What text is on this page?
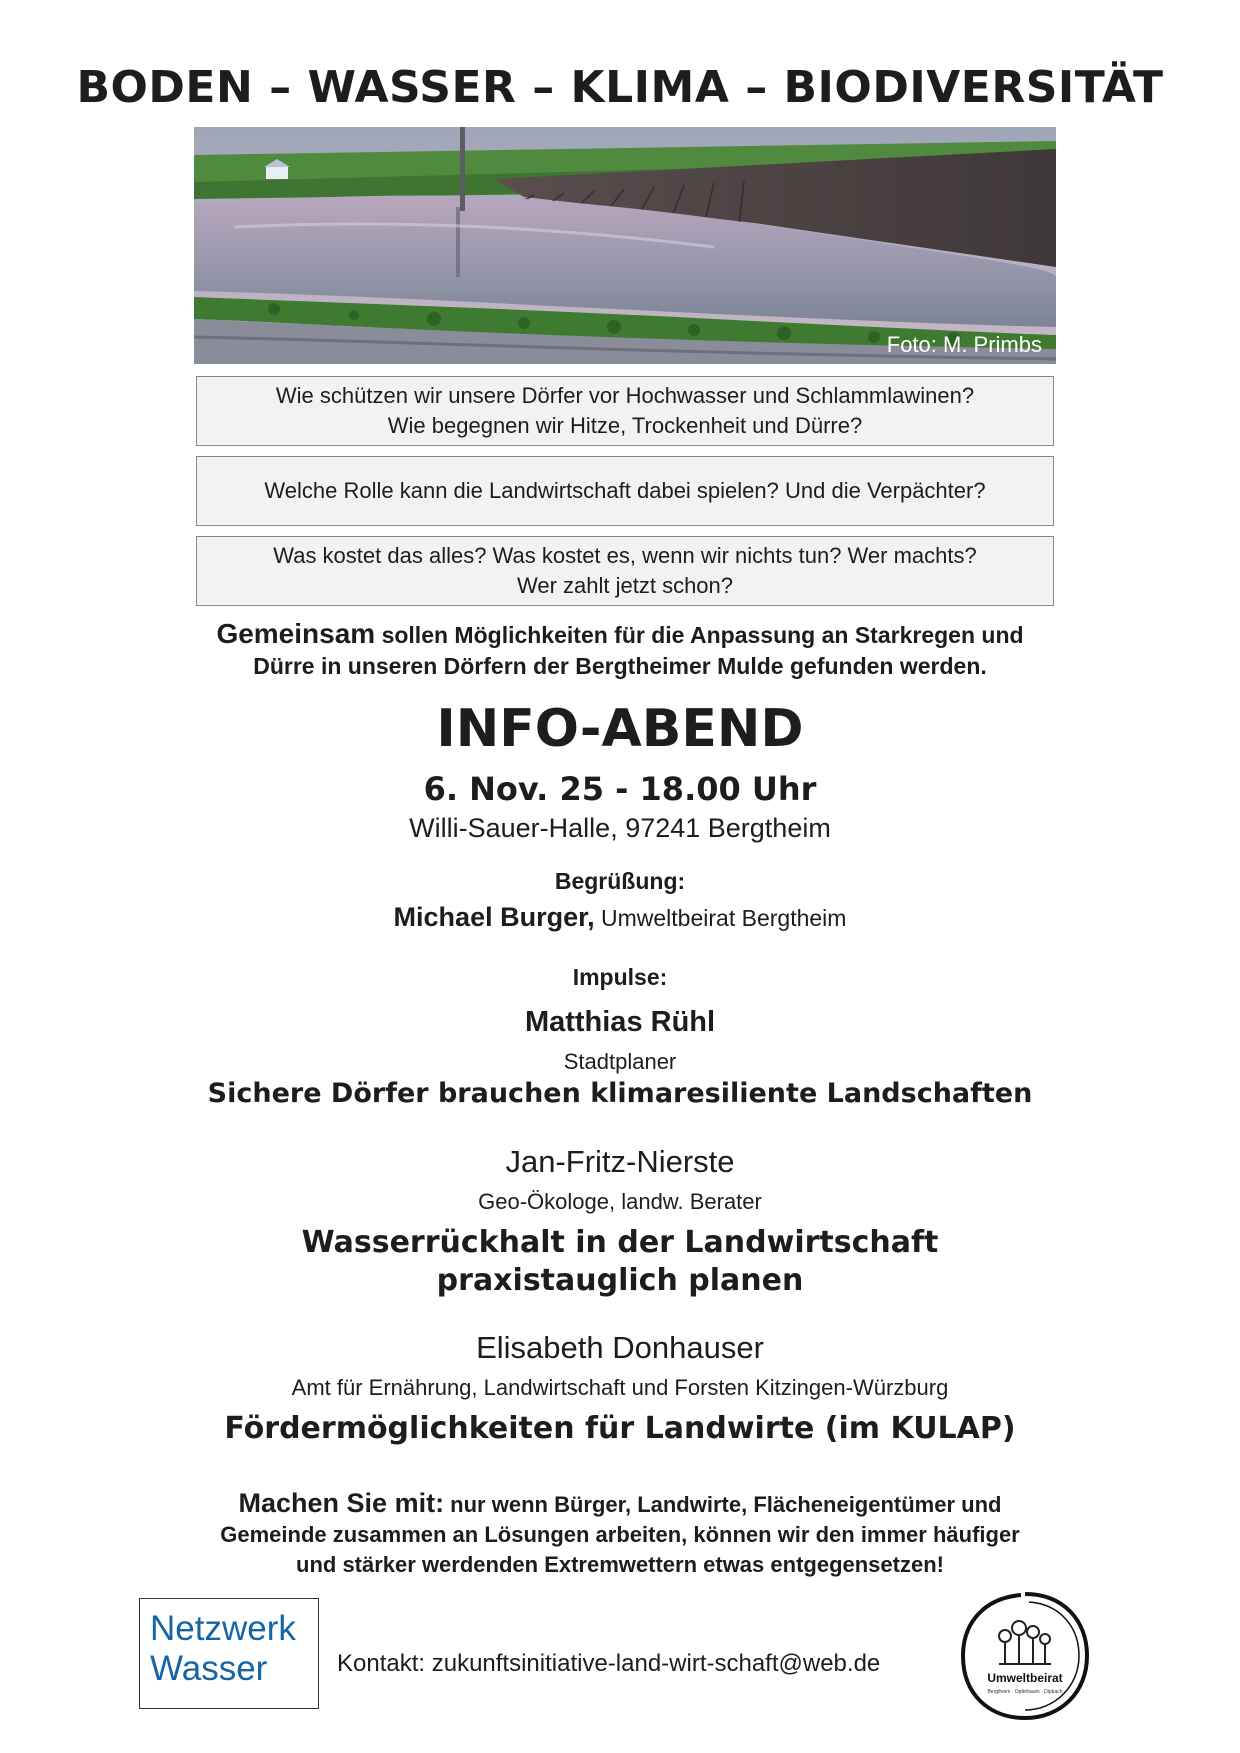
BODEN – WASSER – KLIMA – BIODIVERSITÄT
Foto: M. Primbs
Wie schützen wir unsere Dörfer vor Hochwasser und Schlammlawinen?
Wie begegnen wir Hitze, Trockenheit und Dürre?
Welche Rolle kann die Landwirtschaft dabei spielen? Und die Verpächter?
Was kostet das alles? Was kostet es, wenn wir nichts tun? Wer machts?
Wer zahlt jetzt schon?
Gemeinsam sollen Möglichkeiten für die Anpassung an Starkregen und
Dürre in unseren Dörfern der Bergtheimer Mulde gefunden werden.
INFO-ABEND
6. Nov. 25 - 18.00 Uhr
Willi-Sauer-Halle, 97241 Bergtheim
Begrüßung:
Michael Burger, Umweltbeirat Bergtheim
Impulse:
Matthias Rühl
Stadtplaner
Sichere Dörfer brauchen klimaresiliente Landschaften
Jan-Fritz-Nierste
Geo-Ökologe, landw. Berater
Wasserrückhalt in der Landwirtschaft
praxistauglich planen
Elisabeth Donhauser
Amt für Ernährung, Landwirtschaft und Forsten Kitzingen-Würzburg
Fördermöglichkeiten für Landwirte (im KULAP)
Machen Sie mit: nur wenn Bürger, Landwirte, Flächeneigentümer und
Gemeinde zusammen an Lösungen arbeiten, können wir den immer häufiger
und stärker werdenden Extremwettern etwas entgegensetzen!
Netzwerk
Wasser	Kontakt: zukunftsinitiative-land-wirt-schaft@web.de
Umweltbeirat
Bergtheim · Opferbaum · Dipbach
